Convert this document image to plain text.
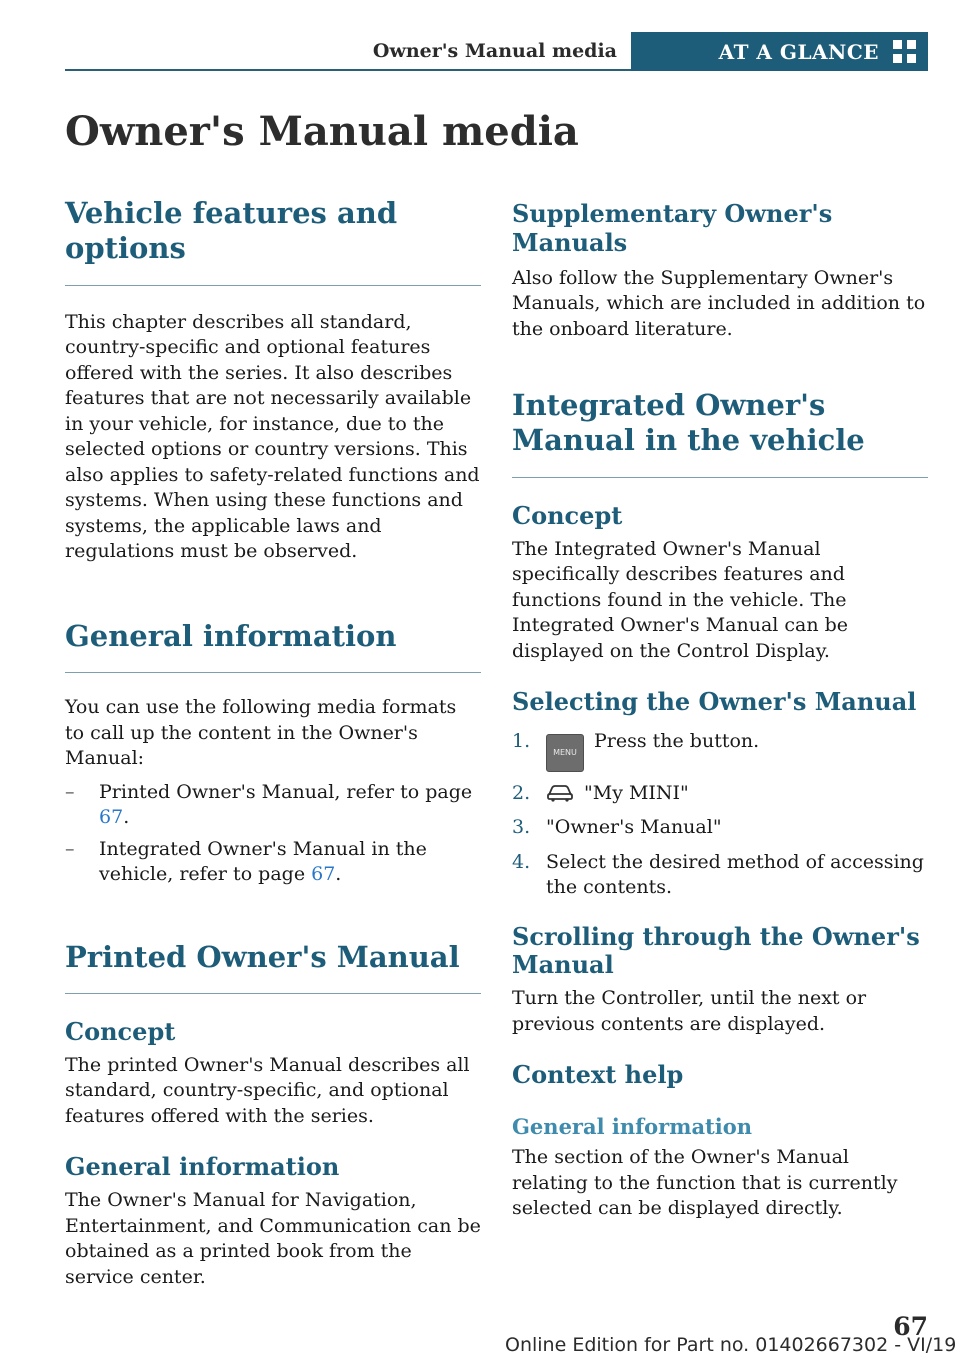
Owner's Manual media	AT A GLANCE
Owner's Manual media
Vehicle features and options

This chapter describes all standard, country-specific and optional features offered with the series. It also describes features that are not necessarily available in your vehicle, for instance, due to the selected options or country versions. This also applies to safety-related functions and systems. When using these functions and systems, the applicable laws and regulations must be observed.

General information

You can use the following media formats to call up the content in the Owner's Manual:

– Printed Owner's Manual, refer to page 67.
– Integrated Owner's Manual in the vehicle, refer to page 67.
Printed Owner's Manual
Concept

The printed Owner's Manual describes all standard, country-specific, and optional features offered with the series.

General information

The Owner's Manual for Navigation, Entertainment, and Communication can be obtained as a printed book from the service center.

Supplementary Owner's Manuals

Also follow the Supplementary Owner's Manuals, which are included in addition to the onboard literature.

Integrated Owner's Manual in the vehicle
Concept

The Integrated Owner's Manual specifically describes features and functions found in the vehicle. The Integrated Owner's Manual can be displayed on the Control Display.

Selecting the Owner's Manual
1.
MENUPress the button.
2.	"My MINI"
3. "Owner's Manual"
4. Select the desired method of accessing the contents.
Scrolling through the Owner's Manual

Turn the Controller, until the next or previous contents are displayed.

Context help
General information

The section of the Owner's Manual relating to the function that is currently selected can be displayed directly.

67
Online Edition for Part no. 01402667302 - VI/19
